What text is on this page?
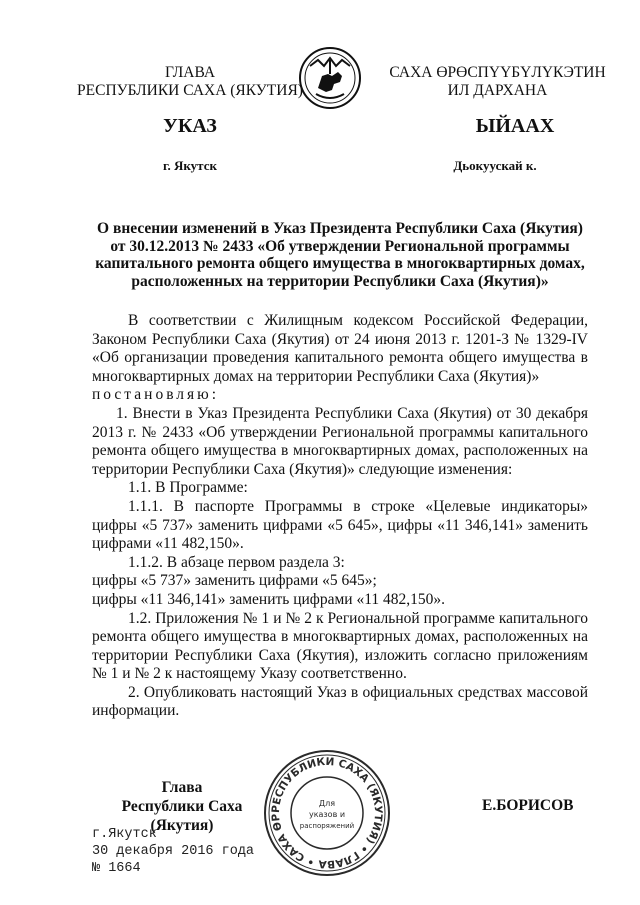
ГЛАВА
РЕСПУБЛИКИ САХА (ЯКУТИЯ)
САХА ӨРӨСПҮҮБҮЛҮКЭТИН
ИЛ ДАРХАНА
УКАЗ	ЫЙААХ
г. Якутск	Дьокуускай к.
О внесении изменений в Указ Президента Республики Саха (Якутия)
от 30.12.2013 № 2433 «Об утверждении Региональной программы
капитального ремонта общего имущества в многоквартирных домах,
расположенных на территории Республики Саха (Якутия)»

В соответствии с Жилищным кодексом Российской Федерации, Законом Республики Саха (Якутия) от 24 июня 2013 г. 1201-З № 1329-IV «Об организации проведения капитального ремонта общего имущества в многоквартирных домах на территории Республики Саха (Якутия)»

постановляю:

1. Внести в Указ Президента Республики Саха (Якутия) от 30 декабря 2013 г. № 2433 «Об утверждении Региональной программы капитального ремонта общего имущества в многоквартирных домах, расположенных на территории Республики Саха (Якутия)» следующие изменения:

1.1. В Программе:

1.1.1. В паспорте Программы в строке «Целевые индикаторы» цифры «5 737» заменить цифрами «5 645», цифры «11 346,141» заменить цифрами «11 482,150».

1.1.2. В абзаце первом раздела 3:

цифры «5 737» заменить цифрами «5 645»;

цифры «11 346,141» заменить цифрами «11 482,150».

1.2. Приложения № 1 и № 2 к Региональной программе капитального ремонта общего имущества в многоквартирных домах, расположенных на территории Республики Саха (Якутия), изложить согласно приложениям № 1 и № 2 к настоящему Указу соответственно.

2. Опубликовать настоящий Указ в официальных средствах массовой информации.

Глава
Республики Саха (Якутия)
РЕСПУБЛИКИ САХА (ЯКУТИЯ) • ГЛАВА • САХА ӨР
Для
указов и
распоряжений
Е.БОРИСОВ
г.Якутск
30 декабря 2016 года
№ 1664
